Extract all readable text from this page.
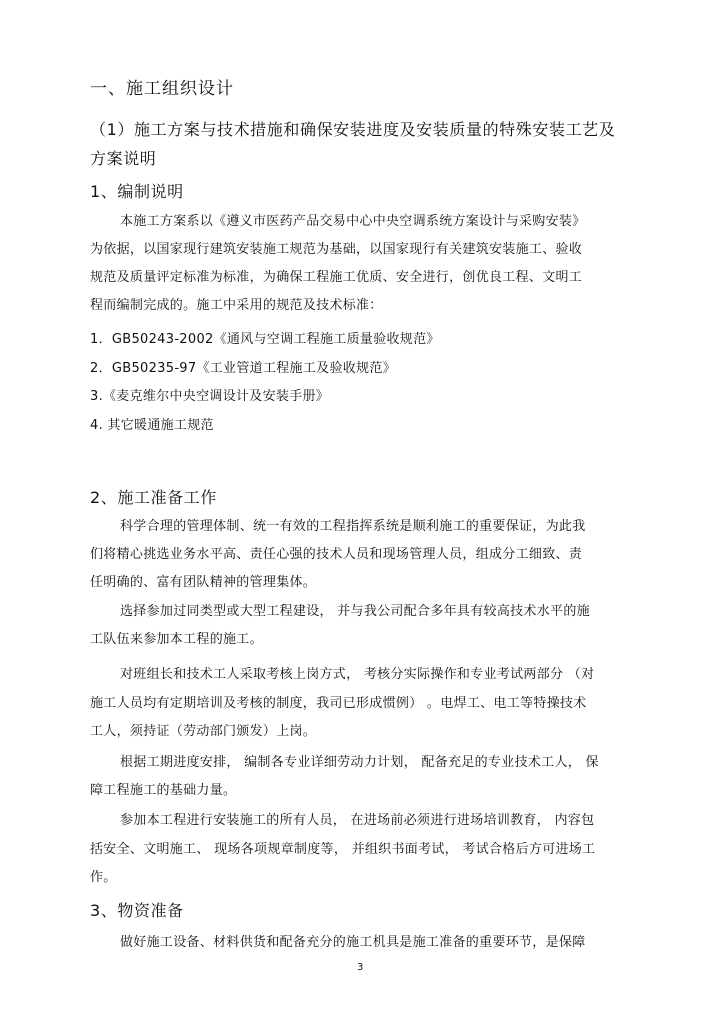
一、施工组织设计
（1）施工方案与技术措施和确保安装进度及安装质量的特殊安装工艺及
方案说明
1、编制说明
本施工方案系以《遵义市医药产品交易中心中央空调系统方案设计与采购安装》
为依据，以国家现行建筑安装施工规范为基础，以国家现行有关建筑安装施工、验收
规范及质量评定标准为标准，为确保工程施工优质、安全进行，创优良工程、文明工
程而编制完成的。施工中采用的规范及技术标准：
1．GB50243-2002《通风与空调工程施工质量验收规范》
2．GB50235-97《工业管道工程施工及验收规范》
3.《麦克维尔中央空调设计及安装手册》
4. 其它暖通施工规范
2、施工准备工作
科学合理的管理体制、统一有效的工程指挥系统是顺利施工的重要保证，为此我
们将精心挑选业务水平高、责任心强的技术人员和现场管理人员，组成分工细致、责
任明确的、富有团队精神的管理集体。
选择参加过同类型或大型工程建设， 并与我公司配合多年具有较高技术水平的施
工队伍来参加本工程的施工。
对班组长和技术工人采取考核上岗方式， 考核分实际操作和专业考试两部分 （对
施工人员均有定期培训及考核的制度，我司已形成惯例） 。电焊工、电工等特操技术
工人，须持证（劳动部门颁发）上岗。
根据工期进度安排， 编制各专业详细劳动力计划， 配备充足的专业技术工人， 保
障工程施工的基础力量。
参加本工程进行安装施工的所有人员， 在进场前必须进行进场培训教育， 内容包
括安全、文明施工、 现场各项规章制度等， 并组织书面考试， 考试合格后方可进场工
作。
3、物资准备
做好施工设备、材料供货和配备充分的施工机具是施工准备的重要环节，是保障
3
